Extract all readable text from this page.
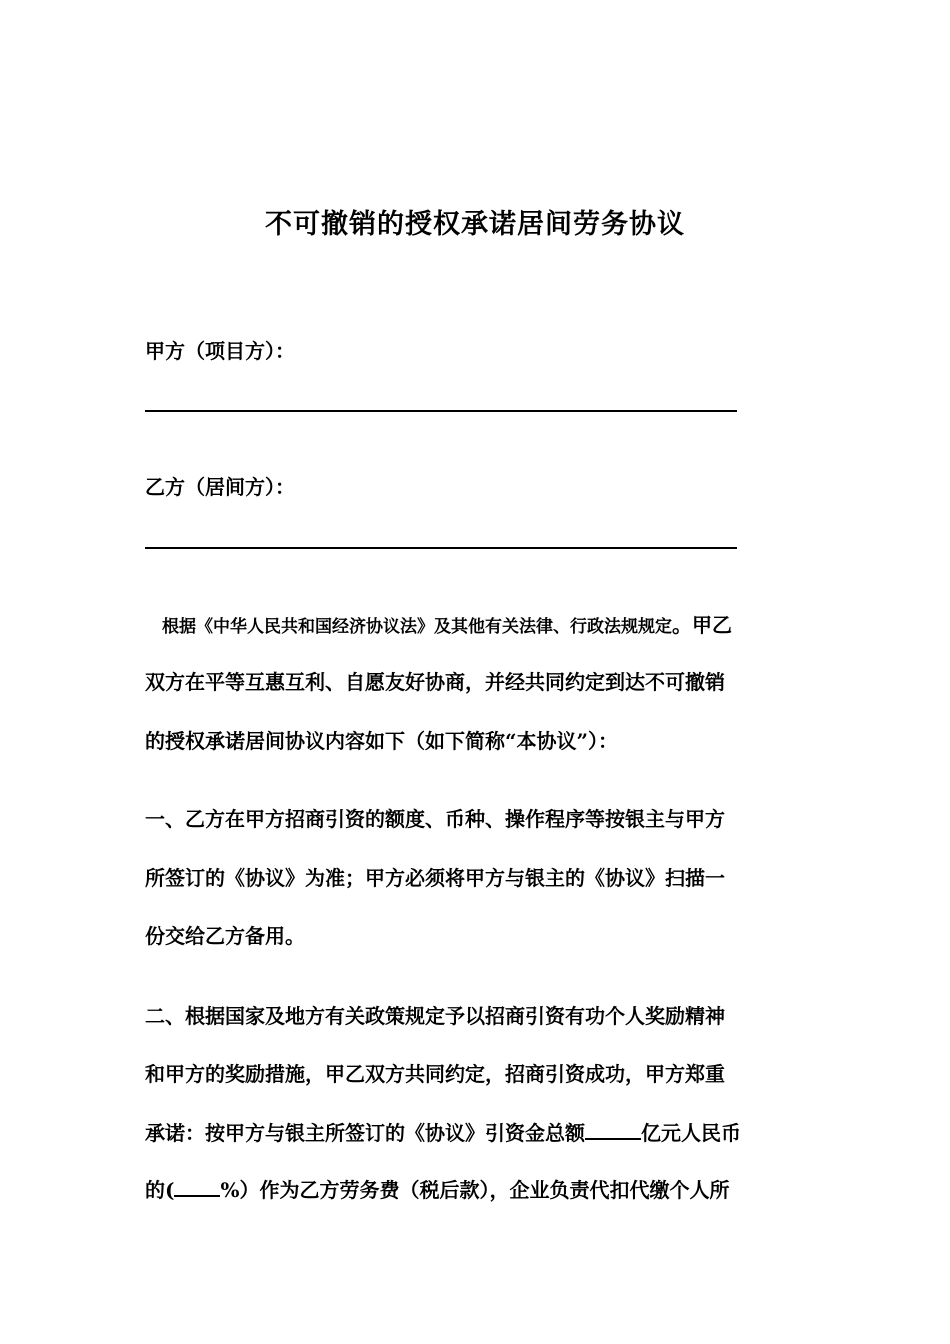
不可撤销的授权承诺居间劳务协议
甲方（项目方）：
乙方（居间方）：
根据《中华人民共和国经济协议法》及其他有关法律、行政法规规定。甲乙
双方在平等互惠互利、自愿友好协商，并经共同约定到达不可撤销
的授权承诺居间协议内容如下（如下简称“本协议”）：
一、乙方在甲方招商引资的额度、币种、操作程序等按银主与甲方
所签订的《协议》为准；甲方必须将甲方与银主的《协议》扫描一
份交给乙方备用。
二、根据国家及地方有关政策规定予以招商引资有功个人奖励精神
和甲方的奖励措施，甲乙双方共同约定，招商引资成功，甲方郑重
承诺：按甲方与银主所签订的《协议》引资金总额	亿元人民币
的( %）作为乙方劳务费（税后款），企业负责代扣代缴个人所
